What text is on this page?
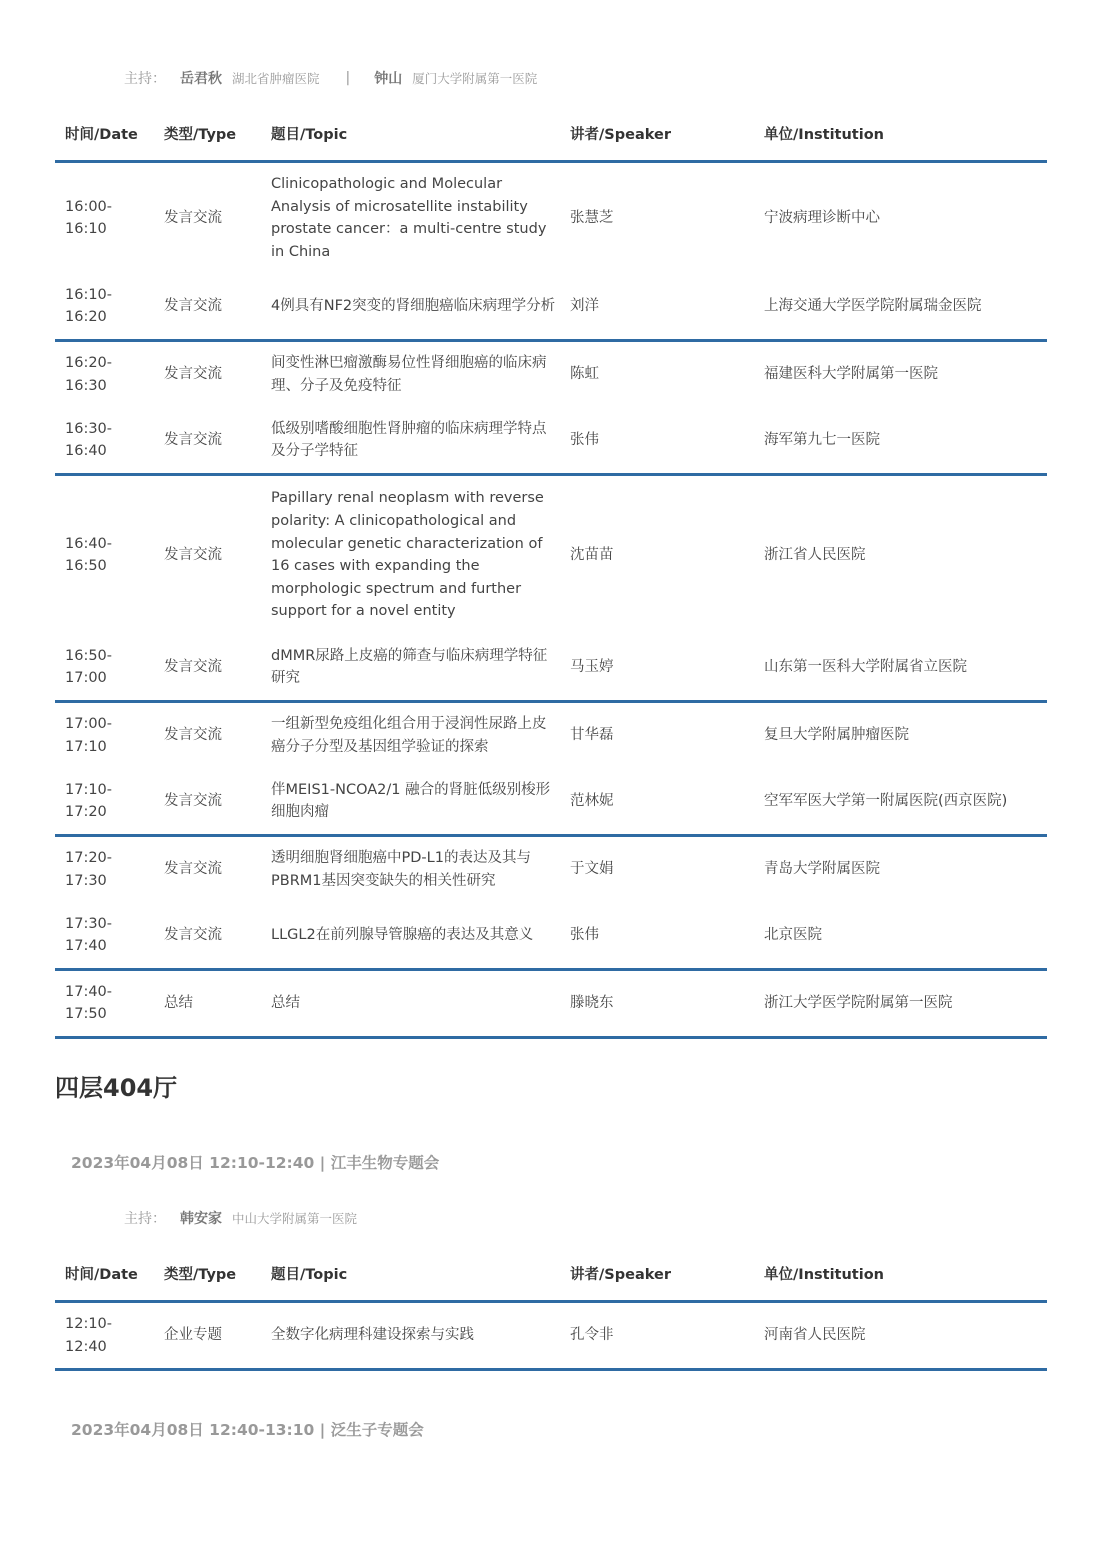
主持： 岳君秋 湖北省肿瘤医院 | 钟山 厦门大学附属第一医院
时间/Date	类型/Type	题目/Topic	讲者/Speaker	单位/Institution

16:00-
16:10	发言交流	Clinicopathologic and Molecular Analysis of microsatellite instability prostate cancer：a multi-centre study in China	张慧芝	宁波病理诊断中心

16:10-
16:20	发言交流	4例具有NF2突变的肾细胞癌临床病理学分析	刘洋	上海交通大学医学院附属瑞金医院

16:20-
16:30	发言交流	间变性淋巴瘤激酶易位性肾细胞癌的临床病理、分子及免疫特征	陈虹	福建医科大学附属第一医院

16:30-
16:40	发言交流	低级别嗜酸细胞性肾肿瘤的临床病理学特点及分子学特征	张伟	海军第九七一医院

16:40-
16:50	发言交流	Papillary renal neoplasm with reverse polarity: A clinicopathological and molecular genetic characterization of 16 cases with expanding the morphologic spectrum and further support for a novel entity	沈苗苗	浙江省人民医院

16:50-
17:00	发言交流	dMMR尿路上皮癌的筛查与临床病理学特征研究	马玉婷	山东第一医科大学附属省立医院

17:00-
17:10	发言交流	一组新型免疫组化组合用于浸润性尿路上皮癌分子分型及基因组学验证的探索	甘华磊	复旦大学附属肿瘤医院

17:10-
17:20	发言交流	伴MEIS1-NCOA2/1 融合的肾脏低级别梭形细胞肉瘤	范林妮	空军军医大学第一附属医院(西京医院)

17:20-
17:30	发言交流	透明细胞肾细胞癌中PD-L1的表达及其与PBRM1基因突变缺失的相关性研究	于文娟	青岛大学附属医院

17:30-
17:40	发言交流	LLGL2在前列腺导管腺癌的表达及其意义	张伟	北京医院

17:40-
17:50	总结	总结	滕晓东	浙江大学医学院附属第一医院
四层404厅
2023年04月08日 12:10-12:40 | 江丰生物专题会
主持： 韩安家 中山大学附属第一医院
时间/Date	类型/Type	题目/Topic	讲者/Speaker	单位/Institution

12:10-
12:40	企业专题	全数字化病理科建设探索与实践	孔令非	河南省人民医院
2023年04月08日 12:40-13:10 | 泛生子专题会
